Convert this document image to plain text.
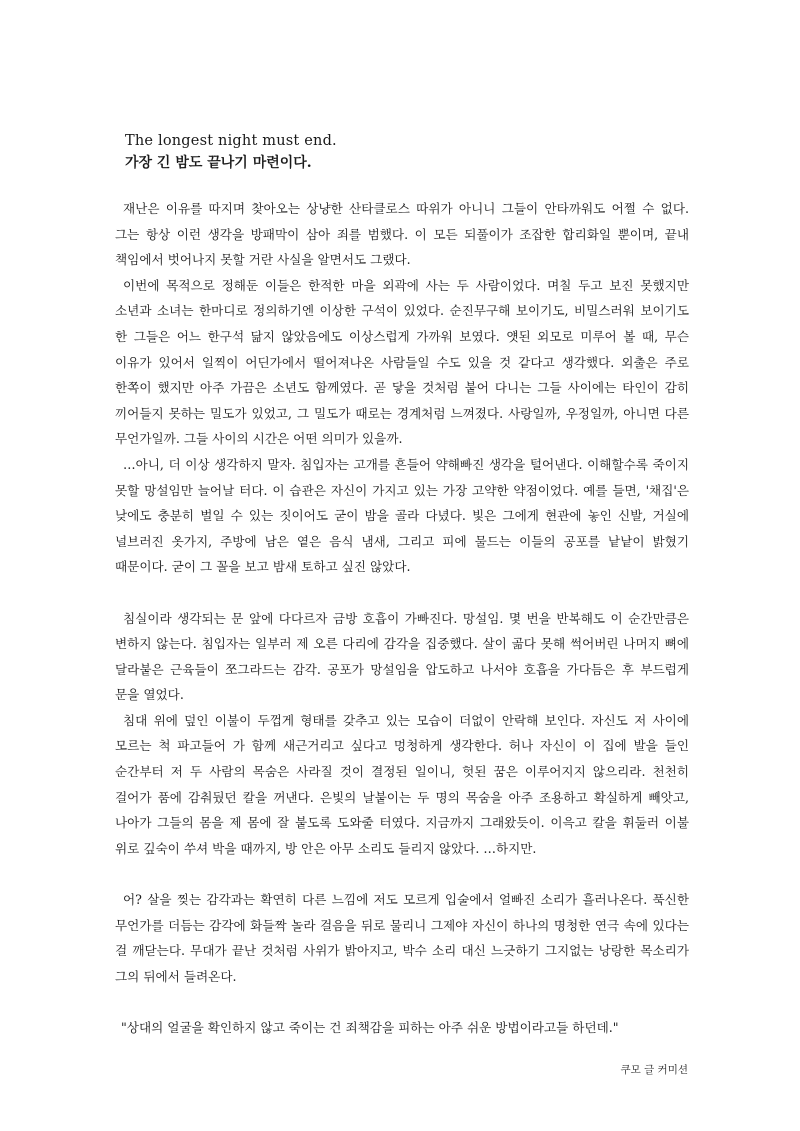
The longest night must end.

가장 긴 밤도 끝나기 마련이다.

재난은 이유를 따지며 찾아오는 상냥한 산타클로스 따위가 아니니 그들이 안타까워도 어쩔 수 없다. 그는 항상 이런 생각을 방패막이 삼아 죄를 범했다. 이 모든 되풀이가 조잡한 합리화일 뿐이며, 끝내 책임에서 벗어나지 못할 거란 사실을 알면서도 그랬다.

이번에 목적으로 정해둔 이들은 한적한 마을 외곽에 사는 두 사람이었다. 며칠 두고 보진 못했지만 소년과 소녀는 한마디로 정의하기엔 이상한 구석이 있었다. 순진무구해 보이기도, 비밀스러워 보이기도 한 그들은 어느 한구석 닮지 않았음에도 이상스럽게 가까워 보였다. 얫된 외모로 미루어 볼 때, 무슨 이유가 있어서 일찍이 어딘가에서 떨어져나온 사람들일 수도 있을 것 같다고 생각했다. 외출은 주로 한쪽이 했지만 아주 가끔은 소년도 함께였다. 곧 닿을 것처럼 붙어 다니는 그들 사이에는 타인이 감히 끼어들지 못하는 밀도가 있었고, 그 밀도가 때로는 경계처럼 느껴졌다. 사랑일까, 우정일까, 아니면 다른 무언가일까. 그들 사이의 시간은 어떤 의미가 있을까.

…아니, 더 이상 생각하지 말자. 침입자는 고개를 흔들어 약해빠진 생각을 털어낸다. 이해할수록 죽이지 못할 망설임만 늘어날 터다. 이 습관은 자신이 가지고 있는 가장 고약한 약점이었다. 예를 들면, '채집'은 낮에도 충분히 벌일 수 있는 짓이어도 굳이 밤을 골라 다녔다. 빛은 그에게 현관에 놓인 신발, 거실에 널브러진 옷가지, 주방에 남은 옅은 음식 냄새, 그리고 피에 물드는 이들의 공포를 낱낱이 밝혔기 때문이다. 굳이 그 꼴을 보고 밤새 토하고 싶진 않았다.

침실이라 생각되는 문 앞에 다다르자 금방 호흡이 가빠진다. 망설임. 몇 번을 반복해도 이 순간만큼은 변하지 않는다. 침입자는 일부러 제 오른 다리에 감각을 집중했다. 살이 곪다 못해 썩어버린 나머지 뼈에 달라붙은 근육들이 쪼그라드는 감각. 공포가 망설임을 압도하고 나서야 호흡을 가다듬은 후 부드럽게 문을 열었다.

침대 위에 덮인 이불이 두껍게 형태를 갖추고 있는 모습이 더없이 안락해 보인다. 자신도 저 사이에 모르는 척 파고들어 가 함께 새근거리고 싶다고 멍청하게 생각한다. 허나 자신이 이 집에 발을 들인 순간부터 저 두 사람의 목숨은 사라질 것이 결정된 일이니, 헛된 꿈은 이루어지지 않으리라. 천천히 걸어가 품에 감춰뒀던 칼을 꺼낸다. 은빛의 날붙이는 두 명의 목숨을 아주 조용하고 확실하게 빼앗고, 나아가 그들의 몸을 제 몸에 잘 붙도록 도와줄 터였다. 지금까지 그래왔듯이. 이윽고 칼을 휘둘러 이불 위로 깊숙이 쑤셔 박을 때까지, 방 안은 아무 소리도 들리지 않았다. …하지만.

어? 살을 찢는 감각과는 확연히 다른 느낌에 저도 모르게 입술에서 얼빠진 소리가 흘러나온다. 푹신한 무언가를 더듬는 감각에 화들짝 놀라 걸음을 뒤로 물리니 그제야 자신이 하나의 명청한 연극 속에 있다는 걸 깨닫는다. 무대가 끝난 것처럼 사위가 밝아지고, 박수 소리 대신 느긋하기 그지없는 낭랑한 목소리가 그의 뒤에서 들려온다.

"상대의 얼굴을 확인하지 않고 죽이는 건 죄책감을 피하는 아주 쉬운 방법이라고들 하던데."

쿠모 글 커미션
